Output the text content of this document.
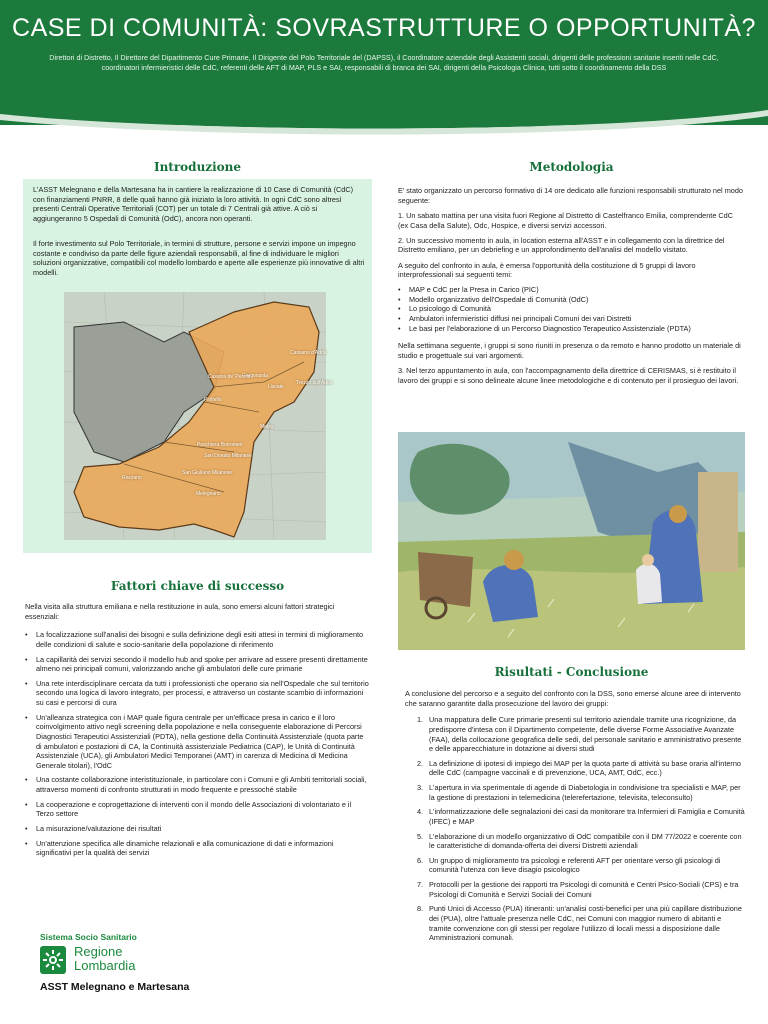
CASE DI COMUNITÀ: SOVRASTRUTTURE O OPPORTUNITÀ?
Direttori di Distretto, Il Direttore del Dipartimento Cure Primarie, Il Dirigente del Polo Territoriale del (DAPSS), il Coordinatore aziendale degli Assistenti sociali, dirigenti delle professioni sanitarie inseriti nelle CdC, coordinatori infermieristici delle CdC, referenti delle AFT di MAP, PLS e SAI, responsabili di branca dei SAI, dirigenti della Psicologia Clinica, tutti sotto il coordinamento della DSS
Introduzione

L'ASST Melegnano e della Martesana ha in cantiere la realizzazione di 10 Case di Comunità (CdC) con finanziamenti PNRR, 8 delle quali hanno già iniziato la loro attività. In ogni CdC sono altresì presenti Centrali Operative Territoriali (COT) per un totale di 7 Centrali già attive. A ciò si aggiungeranno 5 Ospedali di Comunità (OdC), ancora non operanti.

Il forte investimento sul Polo Territoriale, in termini di strutture, persone e servizi impone un impegno costante e condiviso da parte delle figure aziendali responsabili, al fine di individuare le migliori soluzioni organizzative, compatibili col modello lombardo e aperte alle esperienze più innovative di altri modelli.

Cassano d'Adda
Trezzo sull'Adda
Gorgonzola
Cassina de' Pecchi
Pioltello
Liscate
Peschiera Borromeo
Melzo
San Donato Milanese
San Giuliano Milanese
Rozzano
Melegnano
Fattori chiave di successo

Nella visita alla struttura emiliana e nella restituzione in aula, sono emersi alcuni fattori strategici essenziali:

• La focalizzazione sull'analisi dei bisogni e sulla definizione degli esiti attesi in termini di miglioramento delle condizioni di salute e socio-sanitarie della popolazione di riferimento
• La capillarità dei servizi secondo il modello hub and spoke per arrivare ad essere presenti direttamente almeno nei principali comuni, valorizzando anche gli ambulatori delle cure primarie
• Una rete interdisciplinare cercata da tutti i professionisti che operano sia nell'Ospedale che sul territorio secondo una logica di lavoro integrato, per processi, e attraverso un costante scambio di informazioni su casi e percorsi di cura
• Un'alleanza strategica con i MAP quale figura centrale per un'efficace presa in carico e il loro coinvolgimento attivo negli screening della popolazione e nella conseguente elaborazione di Percorsi Diagnostici Terapeutici Assistenziali (PDTA), nella gestione della Continuità Assistenziale (quota parte di ambulatori e postazioni di CA, la Continuità assistenziale Pediatrica (CAP), le Unità di Continuità Assistenziale (UCA), gli Ambulatori Medici Temporanei (AMT) in carenza di Medicina di Medicina Generale titolari), l'OdC
• Una costante collaborazione interistituzionale, in particolare con i Comuni e gli Ambiti territoriali sociali, attraverso momenti di confronto strutturati in modo frequente e pressoché stabile
• La cooperazione e coprogettazione di interventi con il mondo delle Associazioni di volontariato e il Terzo settore
• La misurazione/valutazione dei risultati
• Un'attenzione specifica alle dinamiche relazionali e alla comunicazione di dati e informazioni significativi per la qualità dei servizi
Sistema Socio Sanitario
Regione
Lombardia
ASST Melegnano e Martesana
Metodologia

E' stato organizzato un percorso formativo di 14 ore dedicato alle funzioni responsabili strutturato nel modo seguente:

1. Un sabato mattina per una visita fuori Regione al Distretto di Castelfranco Emilia, comprendente CdC (ex Casa della Salute), Odc, Hospice, e diversi servizi accessori.

2. Un successivo momento in aula, in location esterna all'ASST e in collegamento con la direttrice del Distretto emiliano, per un debriefing e un approfondimento dell'analisi del modello visitato.

A seguito del confronto in aula, è emersa l'opportunità della costituzione di 5 gruppi di lavoro interprofessionali sui seguenti temi:

• MAP e CdC per la Presa in Carico (PIC)
• Modello organizzativo dell'Ospedale di Comunità (OdC)
• Lo psicologo di Comunità
• Ambulatori infermieristici diffusi nei principali Comuni dei vari Distretti
• Le basi per l'elaborazione di un Percorso Diagnostico Terapeutico Assistenziale (PDTA)

Nella settimana seguente, i gruppi si sono riuniti in presenza o da remoto e hanno prodotto un materiale di studio e progettuale sui vari argomenti.

3. Nel terzo appuntamento in aula, con l'accompagnamento della direttrice di CERISMAS, si è restituito il lavoro dei gruppi e si sono delineate alcune linee metodologiche e di contenuto per il prosieguo dei lavori.

Risultati - Conclusione

A conclusione del percorso e a seguito del confronto con la DSS, sono emerse alcune aree di intervento che saranno garantite dalla prosecuzione del lavoro dei gruppi:

1. Una mappatura delle Cure primarie presenti sul territorio aziendale tramite una ricognizione, da predisporre d'intesa con il Dipartimento competente, delle diverse Forme Associative Avanzate (FAA), della collocazione geografica delle sedi, del personale sanitario e amministrativo presente e delle apparecchiature in dotazione ai diversi studi
2. La definizione di ipotesi di impiego dei MAP per la quota parte di attività su base oraria all'interno delle CdC (campagne vaccinali e di prevenzione, UCA, AMT, OdC, ecc.)
3. L'apertura in via sperimentale di agende di Diabetologia in condivisione tra specialisti e MAP, per la gestione di prestazioni in telemedicina (telerefertazione, televisita, teleconsulto)
4. L'informatizzazione delle segnalazioni dei casi da monitorare tra Infermieri di Famiglia e Comunità (IFEC) e MAP
5. L'elaborazione di un modello organizzativo di OdC compatibile con il DM 77/2022 e coerente con le caratteristiche di domanda-offerta dei diversi Distretti aziendali
6. Un gruppo di miglioramento tra psicologi e referenti AFT per orientare verso gli psicologi di comunità l'utenza con lieve disagio psicologico
7. Protocolli per la gestione dei rapporti tra Psicologi di comunità e Centri Psico-Sociali (CPS) e tra Psicologi di Comunità e Servizi Sociali dei Comuni
8. Punti Unici di Accesso (PUA) itineranti: un'analisi costi-benefici per una più capillare distribuzione dei (PUA), oltre l'attuale presenza nelle CdC, nei Comuni con maggior numero di abitanti e tramite convenzione con gli stessi per regolare l'utilizzo di locali messi a disposizione dalle Amministrazioni comunali.
